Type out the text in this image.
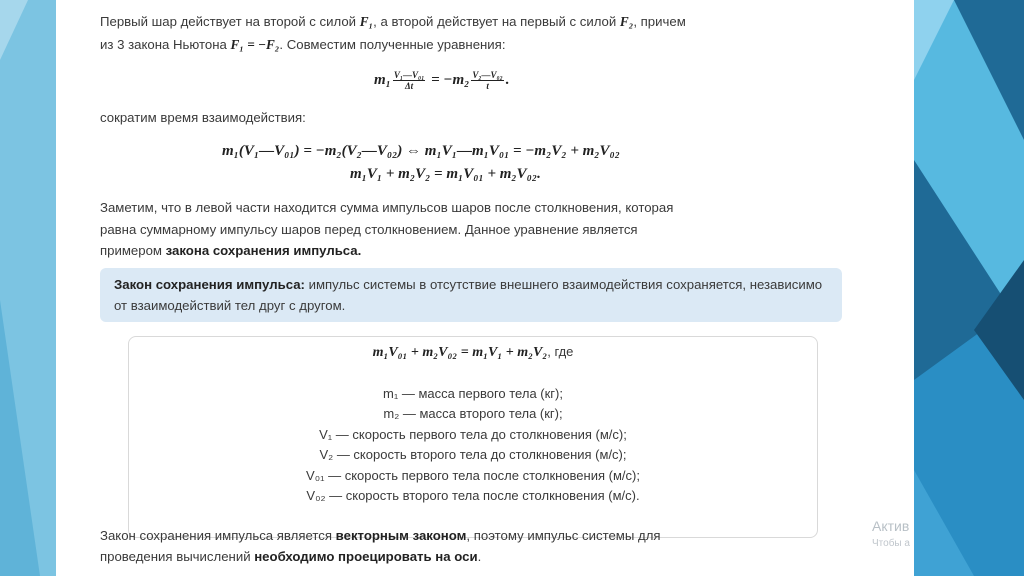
Первый шар действует на второй с силой F₁, а второй действует на первый с силой F₂, причем

из 3 закона Ньютона F₁ = −F₂. Совместим полученные уравнения:

$m_1 \frac{\text{V₁—V₀₁}}{\Delta t} = -m_2 \frac{\text{V₂—V₀₂}}{t}$ .

сократим время взаимодействия:

m₁(V₁—V₀₁) = −m₂(V₂—V₀₂) ⇔ m₁V₁—m₁V₀₁ = −m₂V₂ + m₂V₀₂
m₁V₁ + m₂V₂ = m₁V₀₁ + m₂V₀₂.

Заметим, что в левой части находится сумма импульсов шаров после столкновения, которая

равна суммарному импульсу шаров перед столкновением. Данное уравнение является

примером закона сохранения импульса.

Закон сохранения импульса: импульс системы в отсутствие внешнего взаимодействия сохраняется, независимо от взаимодействий тел друг с другом.

m₁V₀₁ + m₂V₀₂ = m₁V₁ + m₂V₂, где
m₁ — масса первого тела (кг);
m₂ — масса второго тела (кг);
V₁ — скорость первого тела до столкновения (м/с);
V₂ — скорость второго тела до столкновения (м/с);
V₀₁ — скорость первого тела после столкновения (м/с);
V₀₂ — скорость второго тела после столкновения (м/с).

Закон сохранения импульса является векторным законом, поэтому импульс системы для

проведения вычислений необходимо проецировать на оси.

Актив
Чтобы а
